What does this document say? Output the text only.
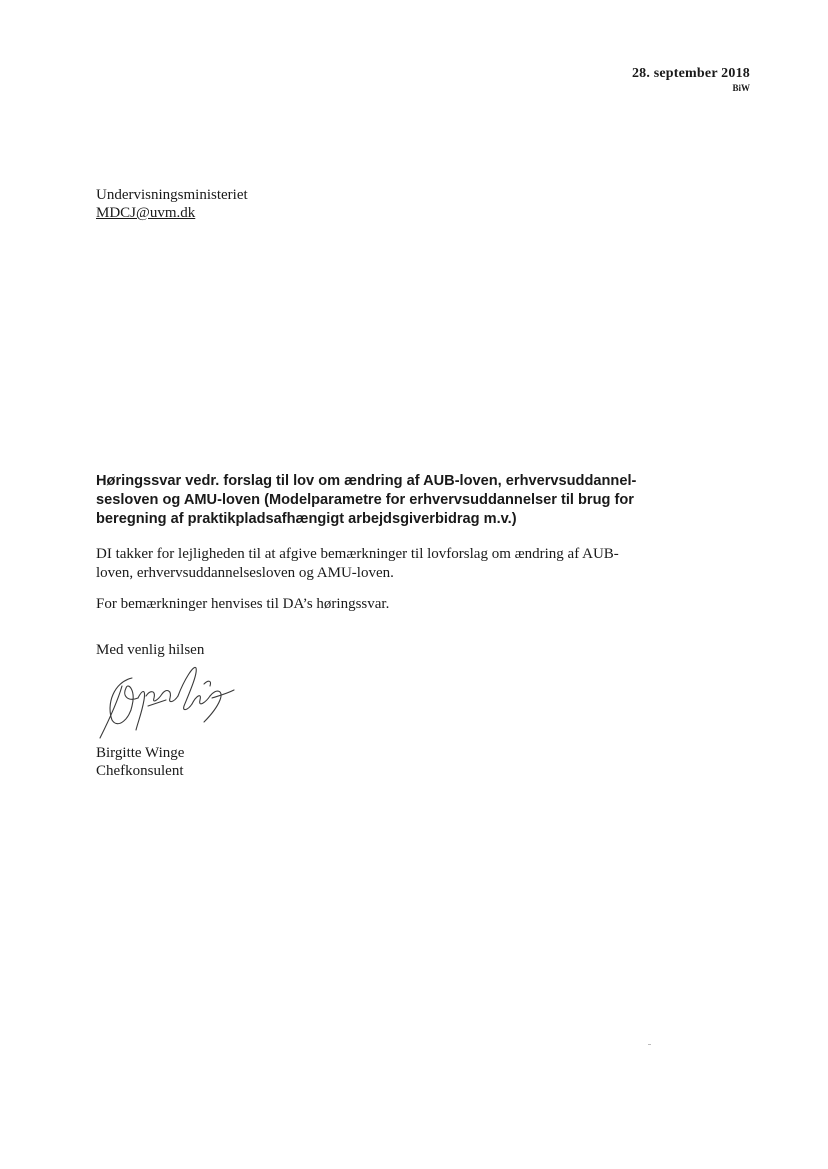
28. september 2018
BiW
Undervisningsministeriet
MDCJ@uvm.dk
Høringssvar vedr. forslag til lov om ændring af AUB-loven, erhvervsuddannel-
sesloven og AMU-loven (Modelparametre for erhvervsuddannelser til brug for
beregning af praktikpladsafhængigt arbejdsgiverbidrag m.v.)
DI takker for lejligheden til at afgive bemærkninger til lovforslag om ændring af AUB-
loven, erhvervsuddannelsesloven og AMU-loven.
For bemærkninger henvises til DA’s høringssvar.
Med venlig hilsen
Birgitte Winge
Chefkonsulent
